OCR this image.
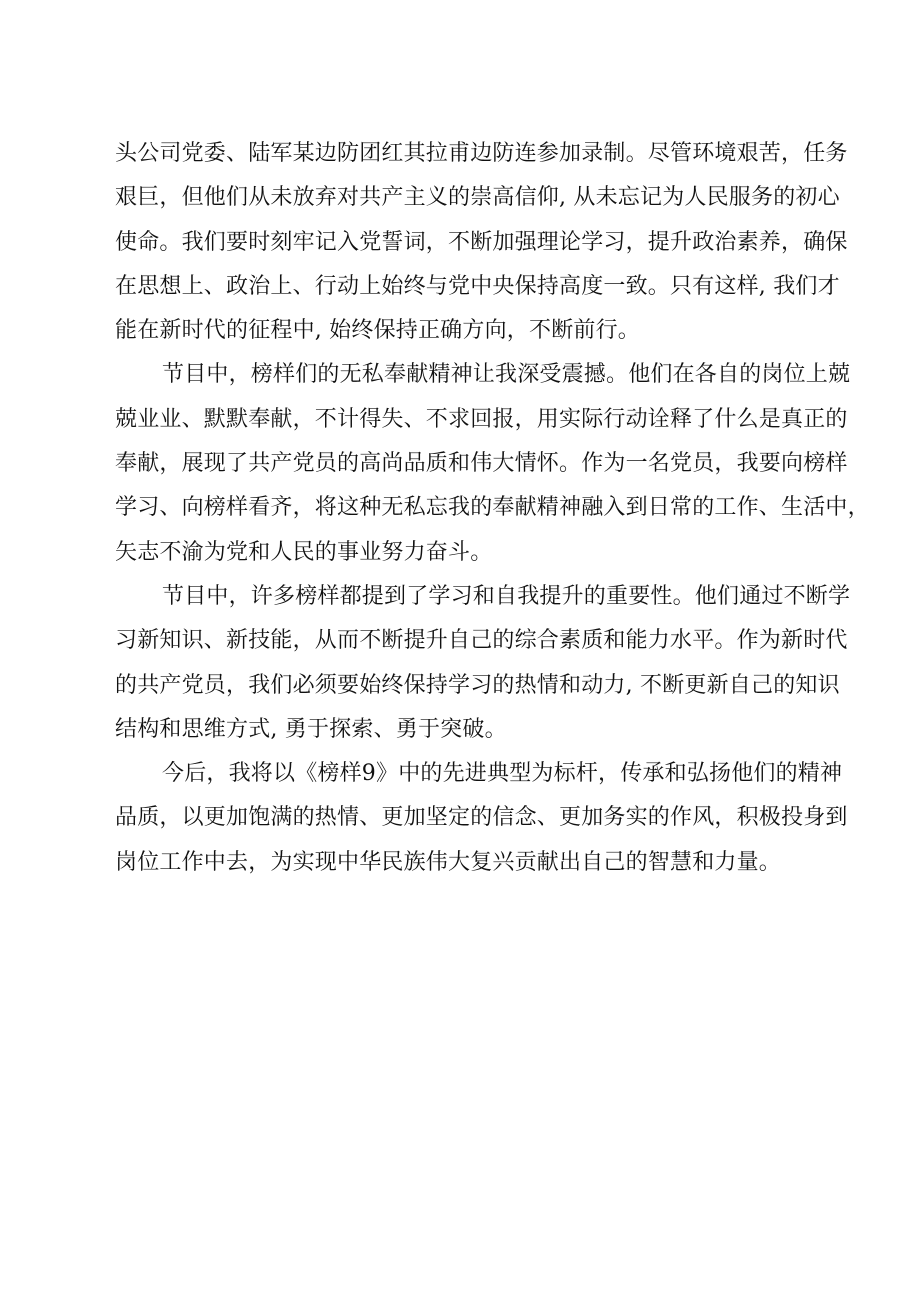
头公司党委、陆军某边防团红其拉甫边防连参加录制。尽管环境艰苦，任务
艰巨，但他们从未放弃对共产主义的崇高信仰, 从未忘记为人民服务的初心
使命。我们要时刻牢记入党誓词，不断加强理论学习，提升政治素养，确保
在思想上、政治上、行动上始终与党中央保持高度一致。只有这样, 我们才
能在新时代的征程中, 始终保持正确方向，不断前行。
节目中，榜样们的无私奉献精神让我深受震撼。他们在各自的岗位上兢
兢业业、默默奉献，不计得失、不求回报，用实际行动诠释了什么是真正的
奉献，展现了共产党员的高尚品质和伟大情怀。作为一名党员，我要向榜样
学习、向榜样看齐，将这种无私忘我的奉献精神融入到日常的工作、生活中，
矢志不渝为党和人民的事业努力奋斗。
节目中，许多榜样都提到了学习和自我提升的重要性。他们通过不断学
习新知识、新技能，从而不断提升自己的综合素质和能力水平。作为新时代
的共产党员，我们必须要始终保持学习的热情和动力, 不断更新自己的知识
结构和思维方式, 勇于探索、勇于突破。
今后，我将以《榜样9》中的先进典型为标杆，传承和弘扬他们的精神
品质，以更加饱满的热情、更加坚定的信念、更加务实的作风，积极投身到
岗位工作中去，为实现中华民族伟大复兴贡献出自己的智慧和力量。
